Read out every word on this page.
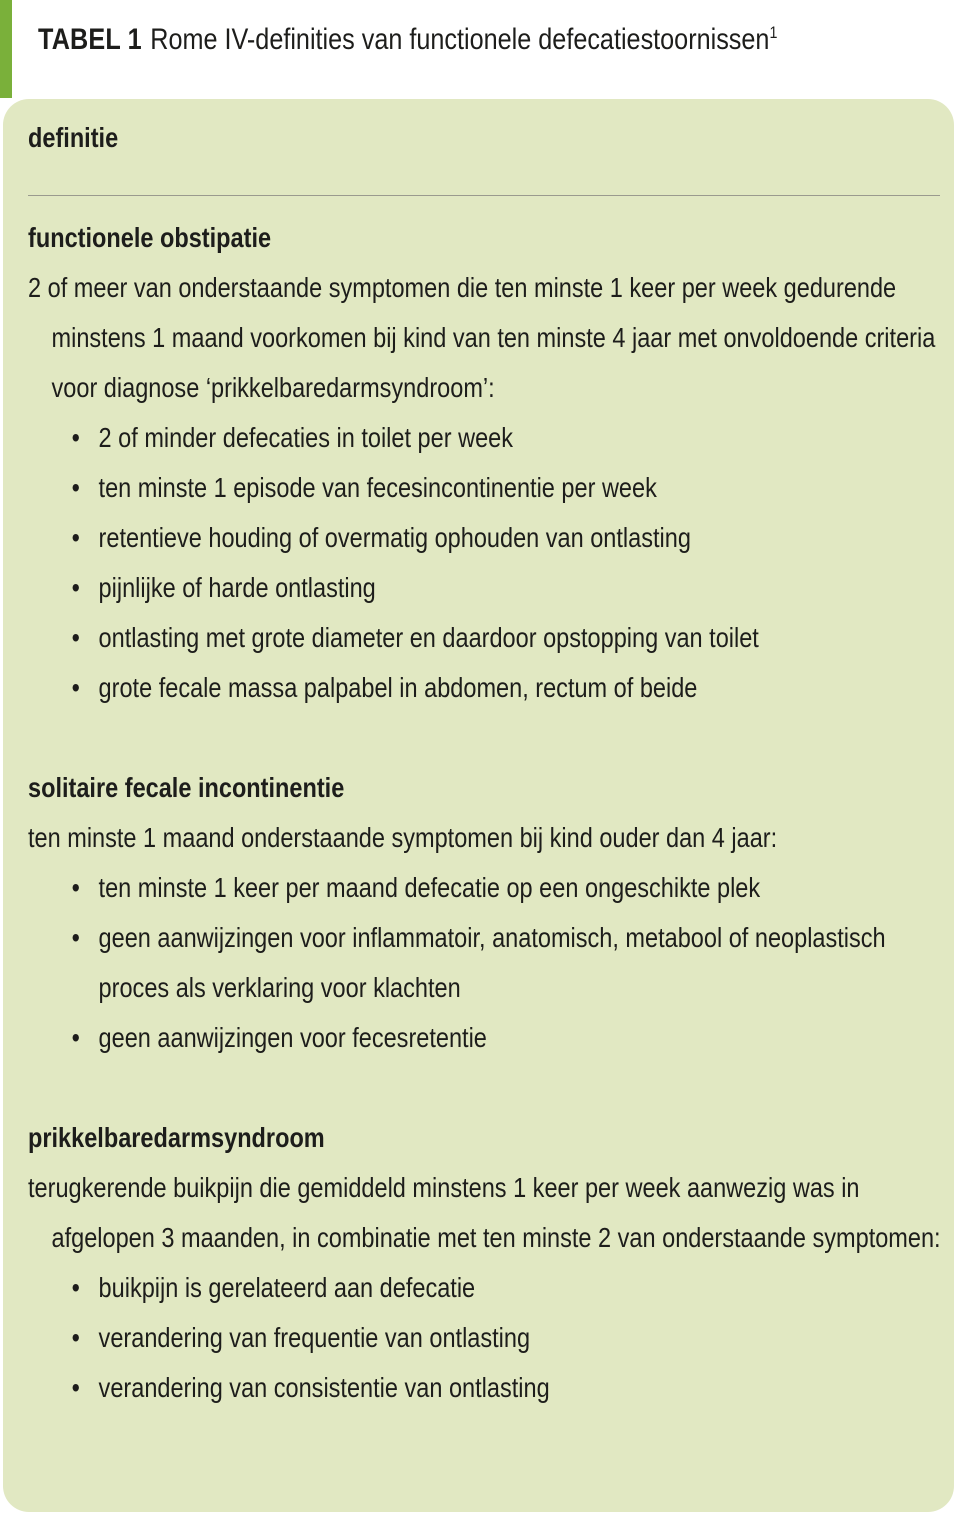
TABEL 1 Rome IV-definities van functionele defecatiestoornissen$^1$
definitie
functionele obstipatie
2 of meer van onderstaande symptomen die ten minste 1 keer per week gedurende minstens 1 maand voorkomen bij kind van ten minste 4 jaar met onvoldoende criteria voor diagnose ‘prikkelbaredarmsyndroom’:
• 2 of minder defecaties in toilet per week
• ten minste 1 episode van fecesincontinentie per week
• retentieve houding of overmatig ophouden van ontlasting
• pijnlijke of harde ontlasting
• ontlasting met grote diameter en daardoor opstopping van toilet
• grote fecale massa palpabel in abdomen, rectum of beide
solitaire fecale incontinentie
ten minste 1 maand onderstaande symptomen bij kind ouder dan 4 jaar:
• ten minste 1 keer per maand defecatie op een ongeschikte plek
• geen aanwijzingen voor inflammatoir, anatomisch, metabool of neoplastisch proces als verklaring voor klachten
• geen aanwijzingen voor fecesretentie
prikkelbaredarmsyndroom
terugkerende buikpijn die gemiddeld minstens 1 keer per week aanwezig was in afgelopen 3 maanden, in combinatie met ten minste 2 van onderstaande symptomen:
• buikpijn is gerelateerd aan defecatie
• verandering van frequentie van ontlasting
• verandering van consistentie van ontlasting
